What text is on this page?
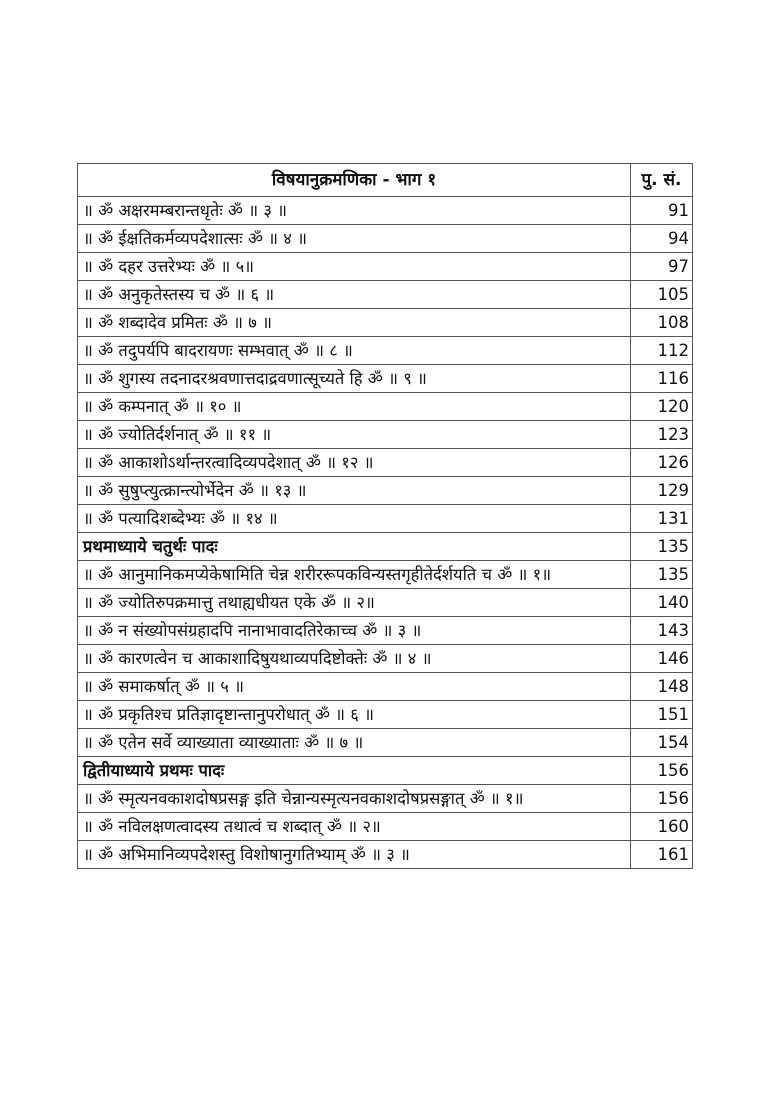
विषयानुक्रमणिका - भाग १	पु. सं.
॥ ॐ अक्षरमम्बरान्तधृतेः ॐ ॥ ३ ॥	91
॥ ॐ ईक्षतिकर्मव्यपदेशात्सः ॐ ॥ ४ ॥	94
॥ ॐ दहर उत्तरेभ्यः ॐ ॥ ५॥	97
॥ ॐ अनुकृतेस्तस्य च ॐ ॥ ६ ॥	105
॥ ॐ शब्दादेव प्रमितः ॐ ॥ ७ ॥	108
॥ ॐ तदुपर्यपि बादरायणः सम्भवात् ॐ ॥ ८ ॥	112
॥ ॐ शुगस्य तदनादरश्रवणात्तदाद्रवणात्सूच्यते हि ॐ ॥ ९ ॥	116
॥ ॐ कम्पनात् ॐ ॥ १० ॥	120
॥ ॐ ज्योतिर्दर्शनात् ॐ ॥ ११ ॥	123
॥ ॐ आकाशोऽर्थान्तरत्वादिव्यपदेशात् ॐ ॥ १२ ॥	126
॥ ॐ सुषुप्त्युत्क्रान्त्योर्भेदेन ॐ ॥ १३ ॥	129
॥ ॐ पत्यादिशब्देभ्यः ॐ ॥ १४ ॥	131
प्रथमाध्याये चतुर्थः पादः	135
॥ ॐ आनुमानिकमप्येकेषामिति चेन्न शरीररूपकविन्यस्तगृहीतेर्दर्शयति च ॐ ॥ १॥	135
॥ ॐ ज्योतिरुपक्रमात्तु तथाह्यधीयत एके ॐ ॥ २॥	140
॥ ॐ न संख्योपसंग्रहादपि नानाभावादतिरेकाच्च ॐ ॥ ३ ॥	143
॥ ॐ कारणत्वेन च आकाशादिषुयथाव्यपदिष्टोक्तेः ॐ ॥ ४ ॥	146
॥ ॐ समाकर्षात् ॐ ॥ ५ ॥	148
॥ ॐ प्रकृतिश्च प्रतिज्ञादृष्टान्तानुपरोधात् ॐ ॥ ६ ॥	151
॥ ॐ एतेन सर्वे व्याख्याता व्याख्याताः ॐ ॥ ७ ॥	154
द्वितीयाध्याये प्रथमः पादः	156
॥ ॐ स्मृत्यनवकाशदोषप्रसङ्ग इति चेन्नान्यस्मृत्यनवकाशदोषप्रसङ्गात् ॐ ॥ १॥	156
॥ ॐ नविलक्षणत्वादस्य तथात्वं च शब्दात् ॐ ॥ २॥	160
॥ ॐ अभिमानिव्यपदेशस्तु विशोषानुगतिभ्याम् ॐ ॥ ३ ॥	161
